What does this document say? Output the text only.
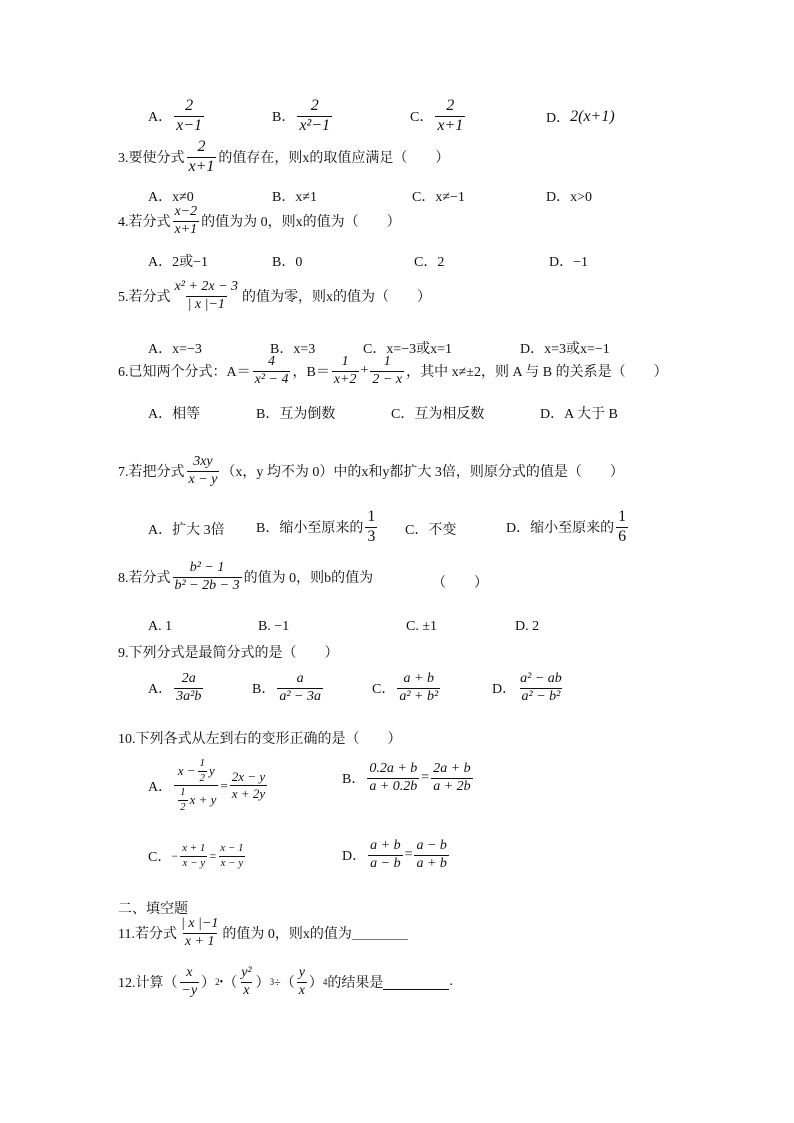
A． $\frac{2}{x-1}$	B． $\frac{2}{\text{x²−1}}$	C． $\frac{2}{x+1}$	D． 2(x+1)
3.要使分式 $\frac{2}{x+1}$ 的值存在，则x的取值应满足（　　）
A．x≠0	B．x≠1	C．x≠−1	D．x>0
4.若分式 $\frac{x-2}{x+1}$ 的值为为 0，则x的值为（　　）
A．2或−1	B．0	C．2	D．−1
5.若分式 $\frac{\text{x² + 2x − 3}}{| x |-1}$ 的值为零，则x的值为（　　）
A．x=−3	B．x=3	C．x=−3或x=1	D．x=3或x=−1
6.已知两个分式：$A= \frac{4}{\text{x² − 4}}$ ，$B= \frac{1}{x+2} + \frac{1}{2 - x}$ ，其中 x≠±2，则 A 与 B 的关系是（　　）
A．相等	B．互为倒数	C．互为相反数	D．A 大于 B
7.若把分式 $\frac{3xy}{x - y} (x$，y 均不为 0）中的x和y都扩大 3倍，则原分式的值是（　　）
A．扩大 3倍 B．缩小至原来的 $\frac{1}{3}$ C．不变	D．缩小至原来的 $\frac{1}{6}$
8.若分式 $\frac{\text{b² − 1}}{\text{b² − 2b − 3}}$ 的值为 0，则b的值为	（　　）
A. 1	B. −1	C. ±1	D. 2
9.下列分式是最简分式的是（　　）
A． $\frac{2a}{\text{3a²b}}$	B． $\frac{a}{\text{a² − 3a}}$	C． $\frac{a + b}{\text{a² + b²}}$	D． $\frac{\text{a² − ab}}{\text{a² − b²}}$
10.下列各式从左到右的变形正确的是（　　）
A． $\frac{x - \frac{1}{2} y}{\frac{1}{2} x + y} = \frac{2x - y}{x + 2y}$	B． $\frac{0.2a + b}{a + 0.2b} = \frac{2a + b}{a + 2b}$
C． − $\frac{x + 1}{x - y} = \frac{x - 1}{x - y}$	D． $\frac{a + b}{a - b} = \frac{a - b}{a + b}$
二、填空题
11.若分式 $\frac{| x |-1}{x + 1}$ 的值为 0，则x的值为 ＿＿＿＿
12.计算（ $\frac{x}{-y}$ ） 2 • （ $\frac{\text{y²}}{x}$ ） 3 ÷ （ $\frac{y}{x}$ ） 4 的结果是	.
